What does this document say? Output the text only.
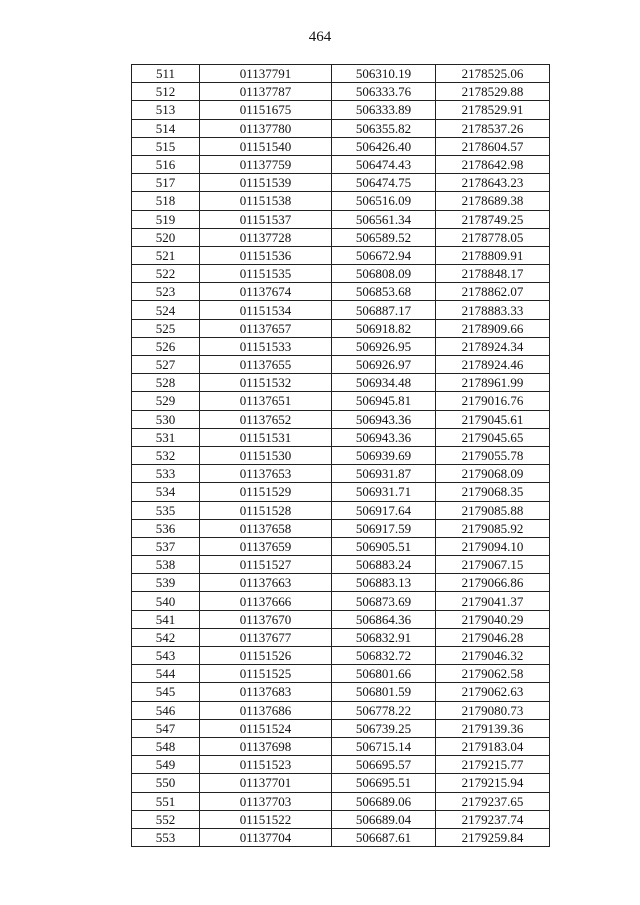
464
511	01137791	506310.19	2178525.06
512	01137787	506333.76	2178529.88
513	01151675	506333.89	2178529.91
514	01137780	506355.82	2178537.26
515	01151540	506426.40	2178604.57
516	01137759	506474.43	2178642.98
517	01151539	506474.75	2178643.23
518	01151538	506516.09	2178689.38
519	01151537	506561.34	2178749.25
520	01137728	506589.52	2178778.05
521	01151536	506672.94	2178809.91
522	01151535	506808.09	2178848.17
523	01137674	506853.68	2178862.07
524	01151534	506887.17	2178883.33
525	01137657	506918.82	2178909.66
526	01151533	506926.95	2178924.34
527	01137655	506926.97	2178924.46
528	01151532	506934.48	2178961.99
529	01137651	506945.81	2179016.76
530	01137652	506943.36	2179045.61
531	01151531	506943.36	2179045.65
532	01151530	506939.69	2179055.78
533	01137653	506931.87	2179068.09
534	01151529	506931.71	2179068.35
535	01151528	506917.64	2179085.88
536	01137658	506917.59	2179085.92
537	01137659	506905.51	2179094.10
538	01151527	506883.24	2179067.15
539	01137663	506883.13	2179066.86
540	01137666	506873.69	2179041.37
541	01137670	506864.36	2179040.29
542	01137677	506832.91	2179046.28
543	01151526	506832.72	2179046.32
544	01151525	506801.66	2179062.58
545	01137683	506801.59	2179062.63
546	01137686	506778.22	2179080.73
547	01151524	506739.25	2179139.36
548	01137698	506715.14	2179183.04
549	01151523	506695.57	2179215.77
550	01137701	506695.51	2179215.94
551	01137703	506689.06	2179237.65
552	01151522	506689.04	2179237.74
553	01137704	506687.61	2179259.84
